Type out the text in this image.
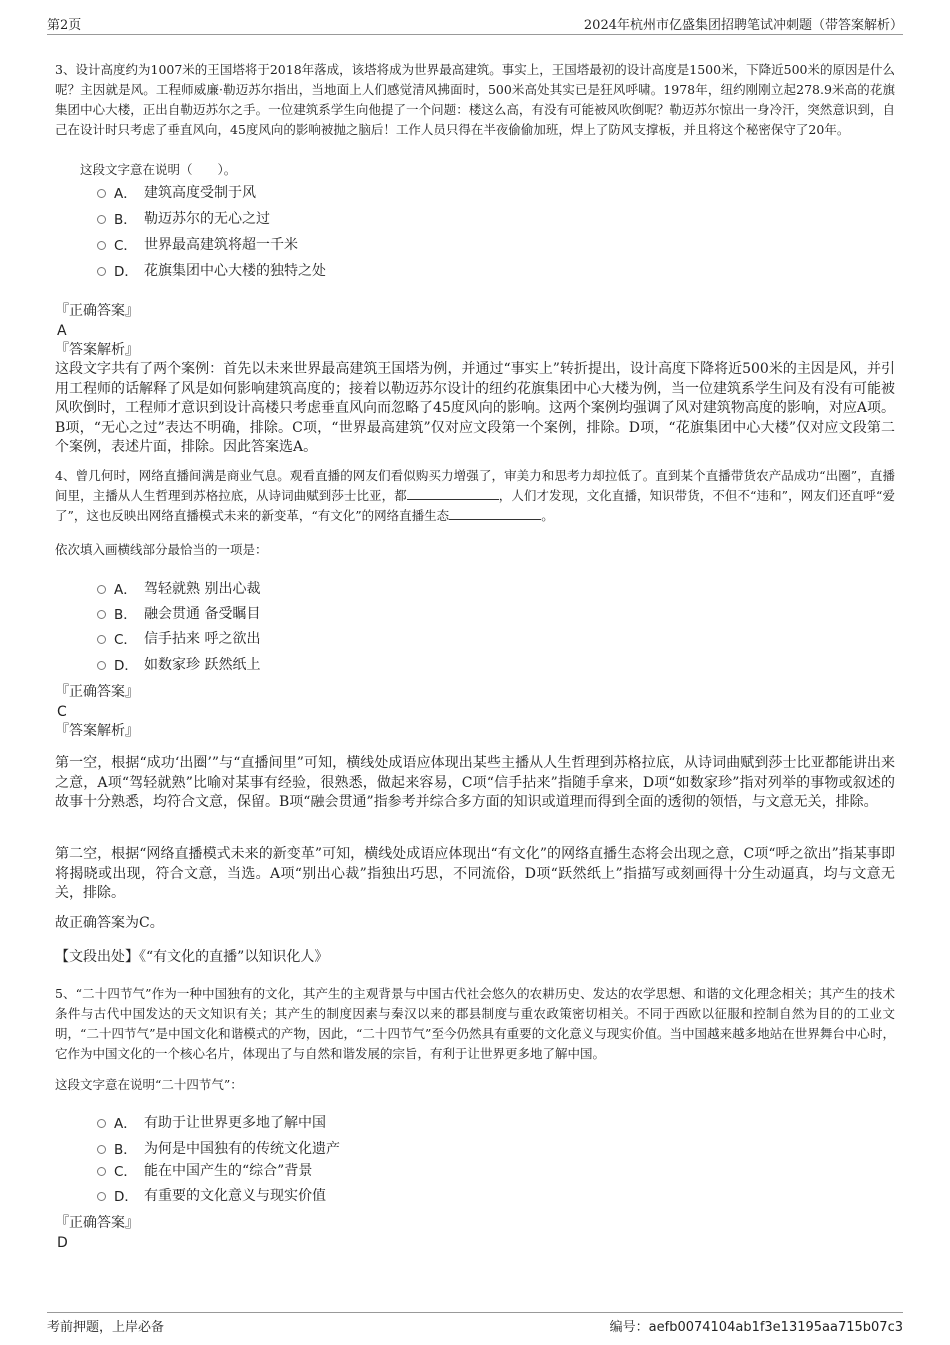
第2页	2024年杭州市亿盛集团招聘笔试冲刺题（带答案解析）

3、设计高度约为1007米的王国塔将于2018年落成，该塔将成为世界最高建筑。事实上，王国塔最初的设计高度是1500米，下降近500米的原因是什么呢？主因就是风。工程师威廉·勒迈苏尔指出，当地面上人们感觉清风拂面时，500米高处其实已是狂风呼啸。1978年，纽约刚刚立起278.9米高的花旗集团中心大楼，正出自勒迈苏尔之手。一位建筑系学生向他提了一个问题：楼这么高，有没有可能被风吹倒呢？勒迈苏尔惊出一身冷汗，突然意识到，自己在设计时只考虑了垂直风向，45度风向的影响被抛之脑后！工作人员只得在半夜偷偷加班，焊上了防风支撑板，并且将这个秘密保守了20年。

这段文字意在说明（　　）。

A． 建筑高度受制于风
B． 勒迈苏尔的无心之过
C． 世界最高建筑将超一千米
D． 花旗集团中心大楼的独特之处

『正确答案』

A

『答案解析』

这段文字共有了两个案例：首先以未来世界最高建筑王国塔为例，并通过“事实上”转折提出，设计高度下降将近500米的主因是风，并引用工程师的话解释了风是如何影响建筑高度的；接着以勒迈苏尔设计的纽约花旗集团中心大楼为例，当一位建筑系学生问及有没有可能被风吹倒时，工程师才意识到设计高楼只考虑垂直风向而忽略了45度风向的影响。这两个案例均强调了风对建筑物高度的影响，对应A项。B项，“无心之过”表达不明确，排除。C项，“世界最高建筑”仅对应文段第一个案例，排除。D项，“花旗集团中心大楼”仅对应文段第二个案例，表述片面，排除。因此答案选A。

4、曾几何时，网络直播间满是商业气息。观看直播的网友们看似购买力增强了，审美力和思考力却拉低了。直到某个直播带货农产品成功“出圈”，直播间里，主播从人生哲理到苏格拉底，从诗词曲赋到莎士比亚，都	，人们才发现，文化直播，知识带货，不但不“违和”，网友们还直呼“爱了”，这也反映出网络直播模式未来的新变革，“有文化”的网络直播生态	。

依次填入画横线部分最恰当的一项是：

A． 驾轻就熟 别出心裁
B． 融会贯通 备受瞩目
C． 信手拈来 呼之欲出
D． 如数家珍 跃然纸上

『正确答案』

C

『答案解析』

第一空，根据“成功‘出圈’”与“直播间里”可知，横线处成语应体现出某些主播从人生哲理到苏格拉底，从诗词曲赋到莎士比亚都能讲出来之意，A项“驾轻就熟”比喻对某事有经验，很熟悉，做起来容易，C项“信手拈来”指随手拿来，D项“如数家珍”指对列举的事物或叙述的故事十分熟悉，均符合文意，保留。B项“融会贯通”指参考并综合多方面的知识或道理而得到全面的透彻的领悟，与文意无关，排除。

第二空，根据“网络直播模式未来的新变革”可知，横线处成语应体现出“有文化”的网络直播生态将会出现之意，C项“呼之欲出”指某事即将揭晓或出现，符合文意，当选。A项“别出心裁”指独出巧思，不同流俗，D项“跃然纸上”指描写或刻画得十分生动逼真，均与文意无关，排除。

故正确答案为C。

【文段出处】《“有文化的直播”以知识化人》

5、“二十四节气”作为一种中国独有的文化，其产生的主观背景与中国古代社会悠久的农耕历史、发达的农学思想、和谐的文化理念相关；其产生的技术条件与古代中国发达的天文知识有关；其产生的制度因素与秦汉以来的郡县制度与重农政策密切相关。不同于西欧以征服和控制自然为目的的工业文明，“二十四节气”是中国文化和谐模式的产物，因此，“二十四节气”至今仍然具有重要的文化意义与现实价值。当中国越来越多地站在世界舞台中心时，它作为中国文化的一个核心名片，体现出了与自然和谐发展的宗旨，有利于让世界更多地了解中国。

这段文字意在说明“二十四节气”：

A． 有助于让世界更多地了解中国
B． 为何是中国独有的传统文化遗产
C． 能在中国产生的“综合”背景
D． 有重要的文化意义与现实价值

『正确答案』

D

考前押题，上岸必备	编号：aefb0074104ab1f3e13195aa715b07c3
